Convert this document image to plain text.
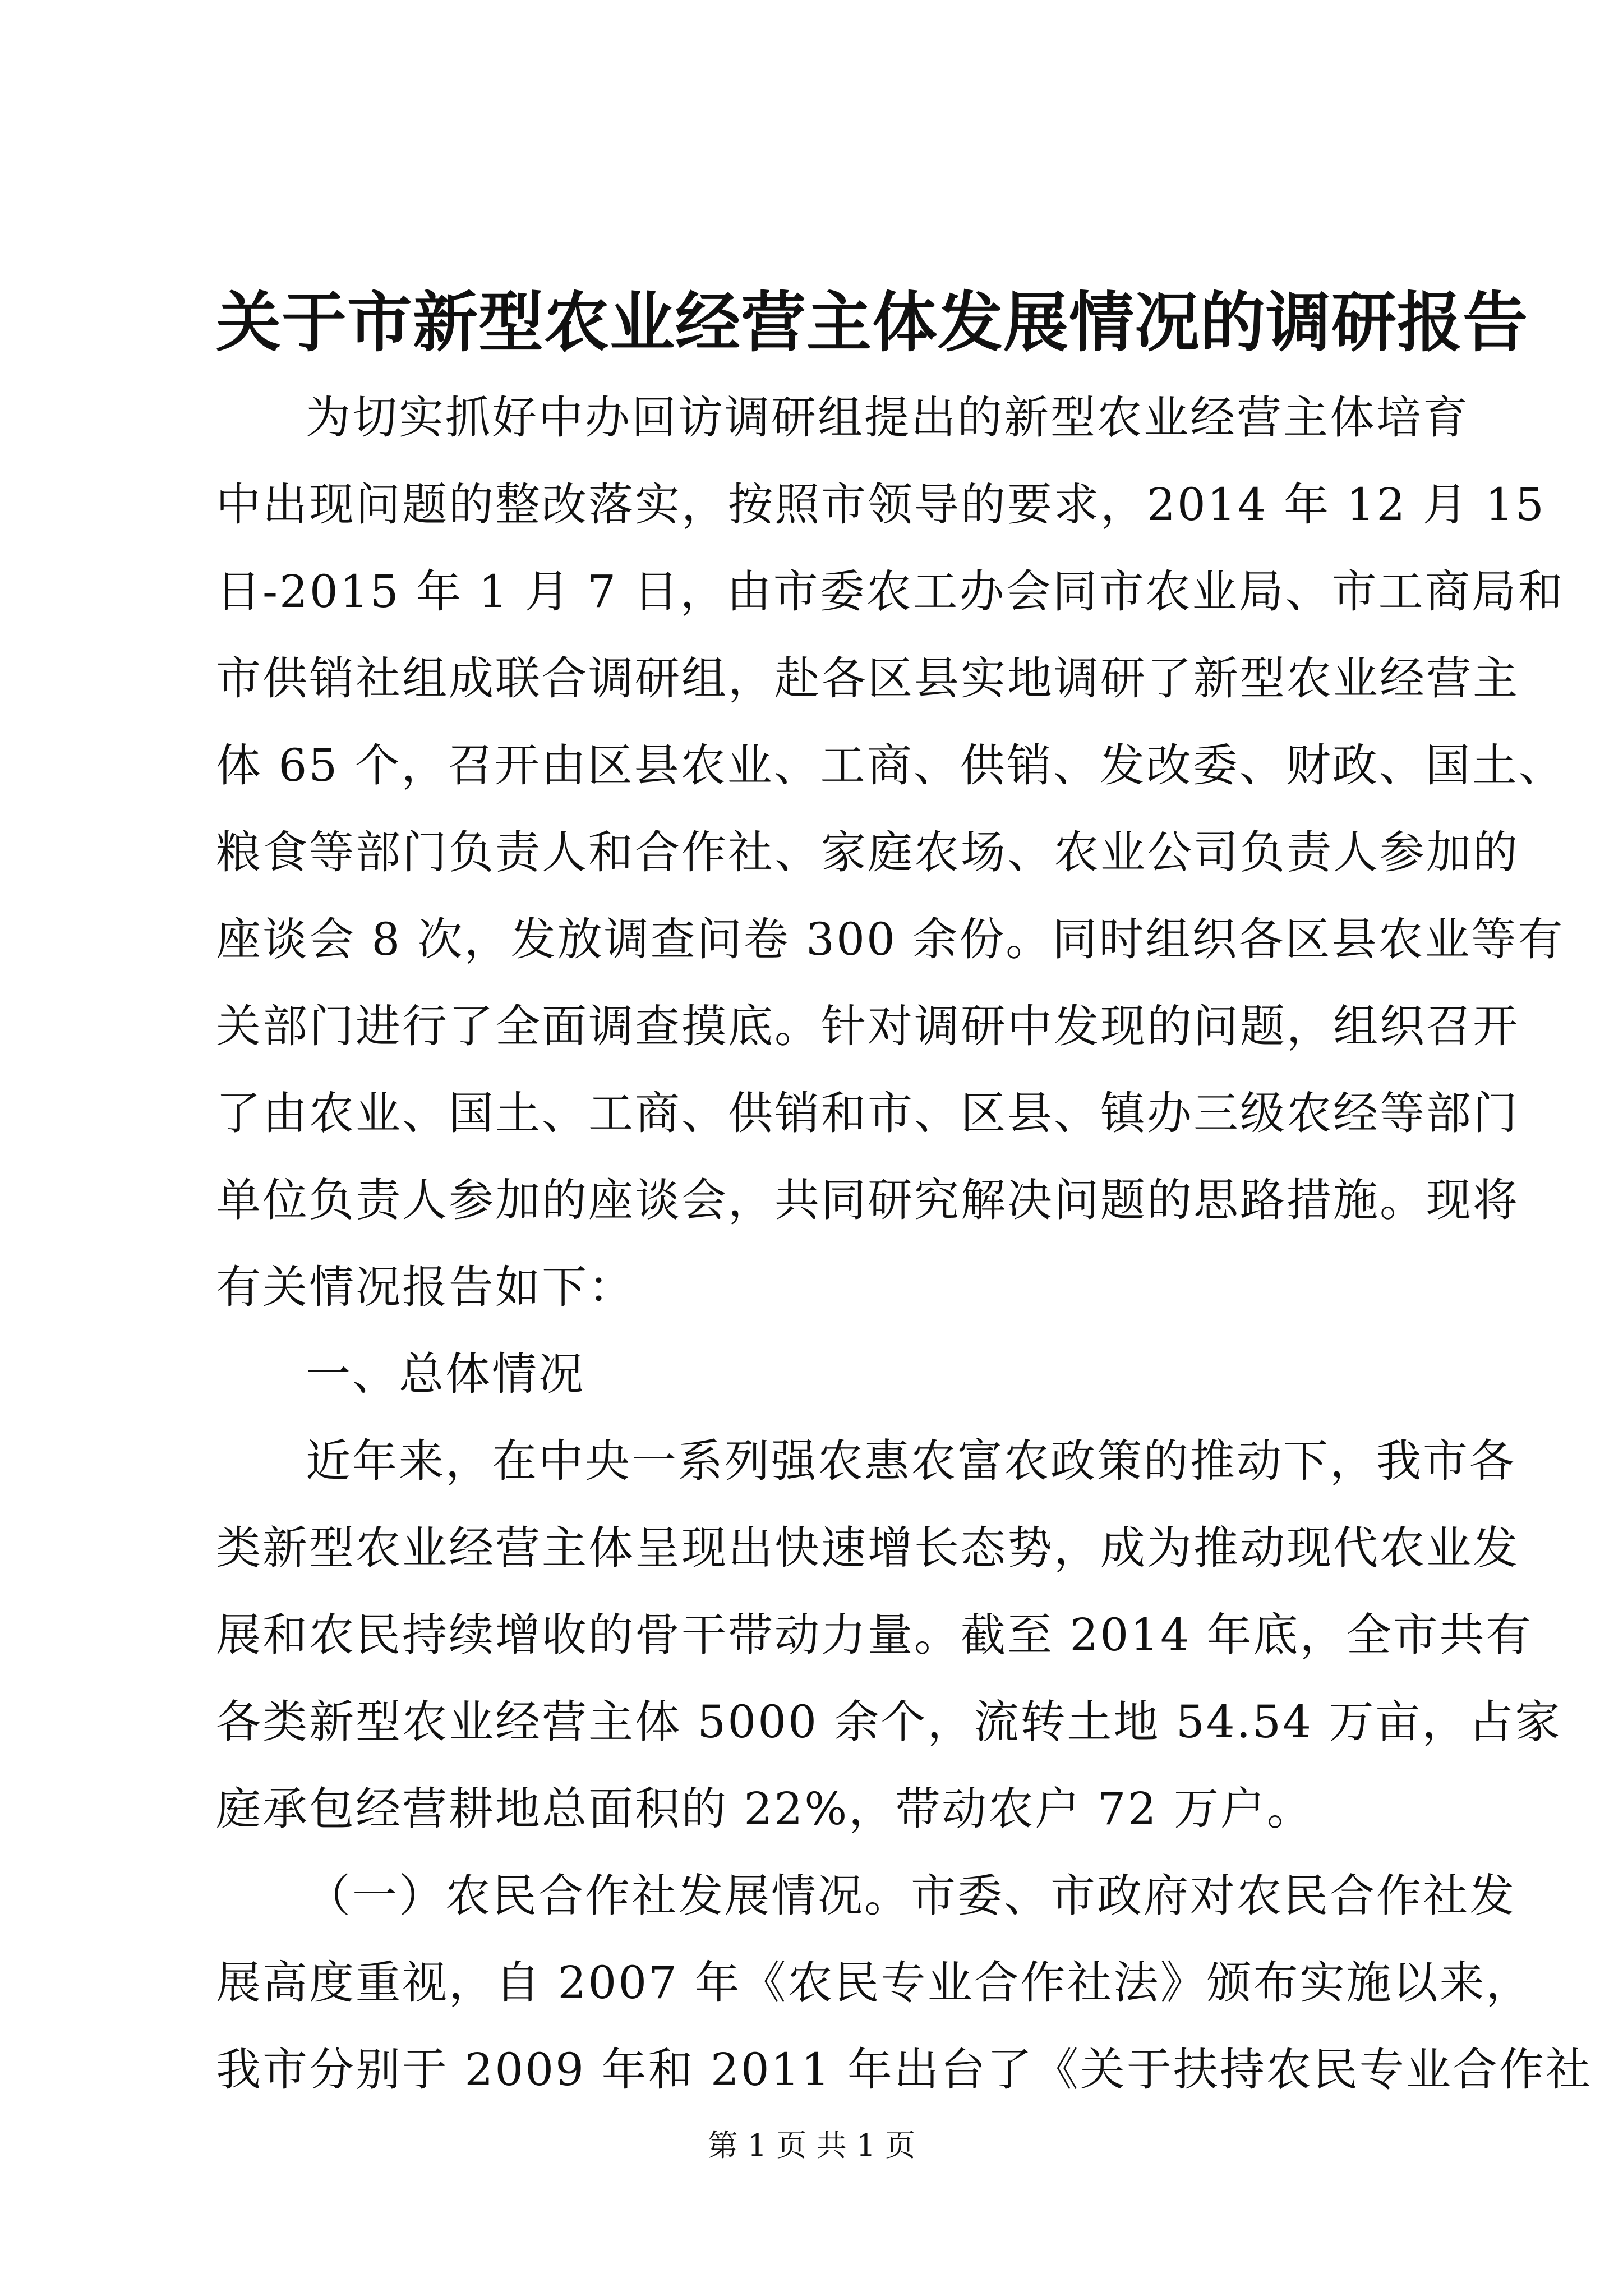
关于市新型农业经营主体发展情况的调研报告
为切实抓好中办回访调研组提出的新型农业经营主体培育
中出现问题的整改落实，按照市领导的要求，2014 年 12 月 15
日-2015 年 1 月 7 日，由市委农工办会同市农业局、市工商局和
市供销社组成联合调研组，赴各区县实地调研了新型农业经营主
体 65 个，召开由区县农业、工商、供销、发改委、财政、国土、
粮食等部门负责人和合作社、家庭农场、农业公司负责人参加的
座谈会 8 次，发放调查问卷 300 余份。同时组织各区县农业等有
关部门进行了全面调查摸底。针对调研中发现的问题，组织召开
了由农业、国土、工商、供销和市、区县、镇办三级农经等部门
单位负责人参加的座谈会，共同研究解决问题的思路措施。现将
有关情况报告如下：
一、总体情况
近年来，在中央一系列强农惠农富农政策的推动下，我市各
类新型农业经营主体呈现出快速增长态势，成为推动现代农业发
展和农民持续增收的骨干带动力量。截至 2014 年底，全市共有
各类新型农业经营主体 5000 余个，流转土地 54.54 万亩，占家
庭承包经营耕地总面积的 22%，带动农户 72 万户。
（一）农民合作社发展情况。市委、市政府对农民合作社发
展高度重视，自 2007 年《农民专业合作社法》颁布实施以来，
我市分别于 2009 年和 2011 年出台了《关于扶持农民专业合作社
第 1 页 共 1 页
